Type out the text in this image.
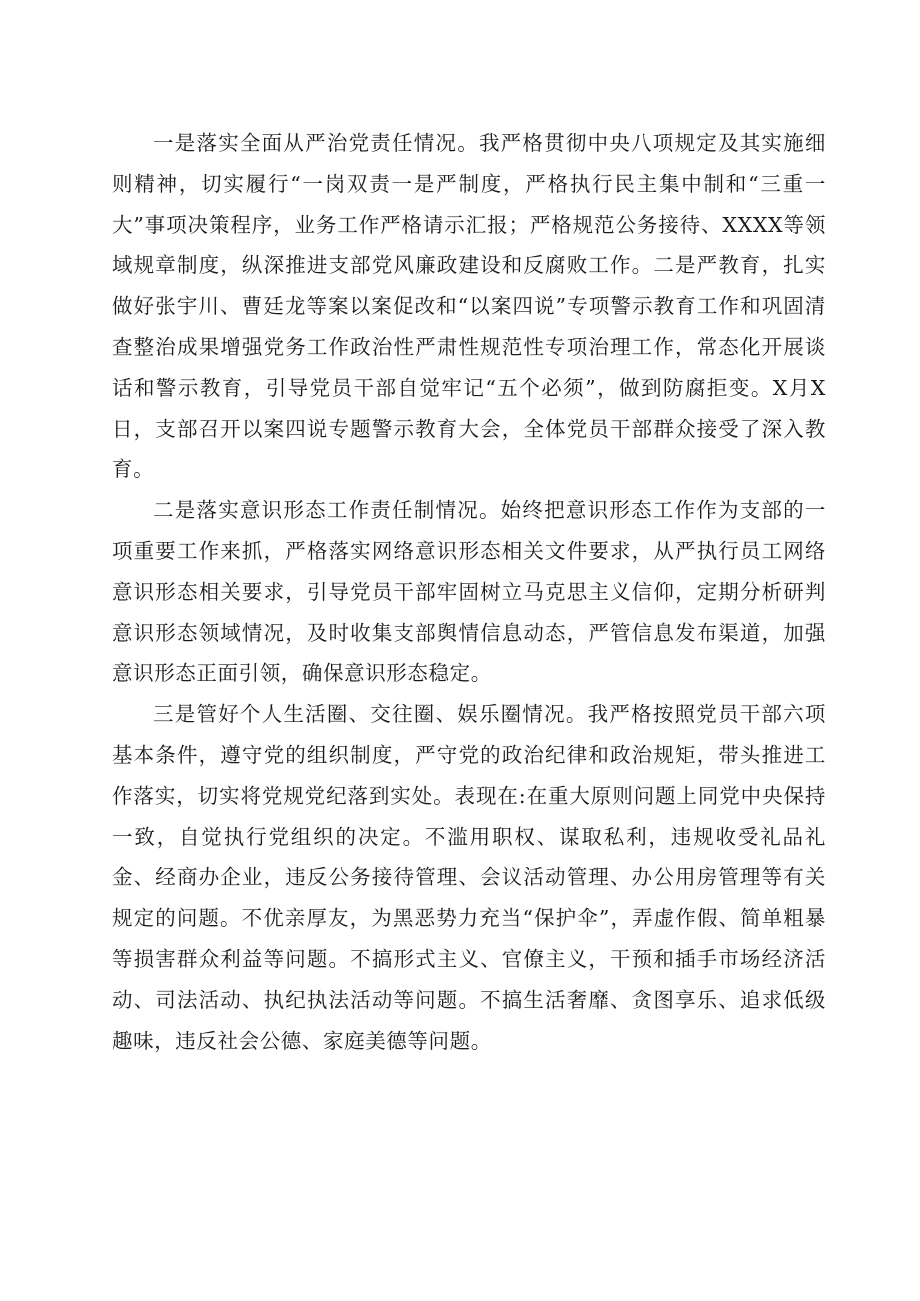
一是落实全面从严治党责任情况。我严格贯彻中央八项规定及其实施细则精神，切实履行“一岗双责一是严制度，严格执行民主集中制和“三重一大”事项决策程序，业务工作严格请示汇报；严格规范公务接待、XXXX等领域规章制度，纵深推进支部党风廉政建设和反腐败工作。二是严教育，扎实做好张宇川、曹廷龙等案以案促改和“以案四说”专项警示教育工作和巩固清查整治成果增强党务工作政治性严肃性规范性专项治理工作，常态化开展谈话和警示教育，引导党员干部自觉牢记“五个必须”，做到防腐拒变。X月X日，支部召开以案四说专题警示教育大会，全体党员干部群众接受了深入教育。

二是落实意识形态工作责任制情况。始终把意识形态工作作为支部的一项重要工作来抓，严格落实网络意识形态相关文件要求，从严执行员工网络意识形态相关要求，引导党员干部牢固树立马克思主义信仰，定期分析研判意识形态领域情况，及时收集支部舆情信息动态，严管信息发布渠道，加强意识形态正面引领，确保意识形态稳定。

三是管好个人生活圈、交往圈、娱乐圈情况。我严格按照党员干部六项基本条件，遵守党的组织制度，严守党的政治纪律和政治规矩，带头推进工作落实，切实将党规党纪落到实处。表现在:在重大原则问题上同党中央保持一致，自觉执行党组织的决定。不滥用职权、谋取私利，违规收受礼品礼金、经商办企业，违反公务接待管理、会议活动管理、办公用房管理等有关规定的问题。不优亲厚友，为黑恶势力充当“保护伞”，弄虚作假、简单粗暴等损害群众利益等问题。不搞形式主义、官僚主义，干预和插手市场经济活动、司法活动、执纪执法活动等问题。不搞生活奢靡、贪图享乐、追求低级趣味，违反社会公德、家庭美德等问题。
